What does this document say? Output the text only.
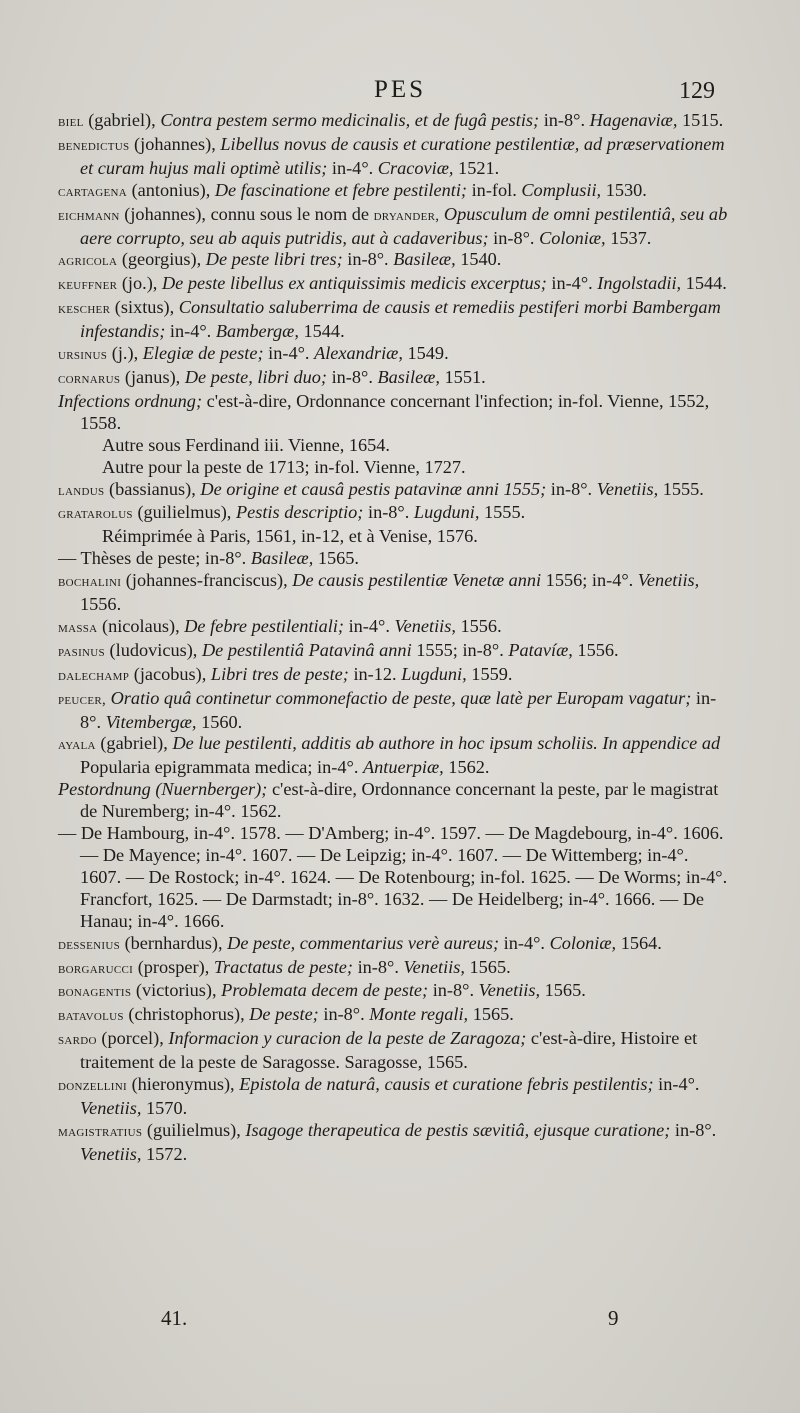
PES	129
biel (gabriel), Contra pestem sermo medicinalis, et de fugâ pestis; in-8°. Hagenaviæ, 1515.
benedictus (johannes), Libellus novus de causis et curatione pestilentiæ, ad præservationem et curam hujus mali optimè utilis; in-4°. Cracoviæ, 1521.
cartagena (antonius), De fascinatione et febre pestilenti; in-fol. Complusii, 1530.
eichmann (johannes), connu sous le nom de dryander, Opusculum de omni pestilentiâ, seu ab aere corrupto, seu ab aquis putridis, aut à cadaveribus; in-8°. Coloniæ, 1537.
agricola (georgius), De peste libri tres; in-8°. Basileæ, 1540.
keuffner (jo.), De peste libellus ex antiquissimis medicis excerptus; in-4°. Ingolstadii, 1544.
kescher (sixtus), Consultatio saluberrima de causis et remediis pestiferi morbi Bambergam infestandis; in-4°. Bambergæ, 1544.
ursinus (j.), Elegiæ de peste; in-4°. Alexandriæ, 1549.
cornarus (janus), De peste, libri duo; in-8°. Basileæ, 1551.
Infections ordnung; c'est-à-dire, Ordonnance concernant l'infection; in-fol. Vienne, 1552, 1558.
Autre sous Ferdinand iii. Vienne, 1654.
Autre pour la peste de 1713; in-fol. Vienne, 1727.
landus (bassianus), De origine et causâ pestis patavinæ anni 1555; in-8°. Venetiis, 1555.
gratarolus (guilielmus), Pestis descriptio; in-8°. Lugduni, 1555.
Réimprimée à Paris, 1561, in-12, et à Venise, 1576.
— Thèses de peste; in-8°. Basileæ, 1565.
bochalini (johannes-franciscus), De causis pestilentiæ Venetæ anni 1556; in-4°. Venetiis, 1556.
massa (nicolaus), De febre pestilentiali; in-4°. Venetiis, 1556.
pasinus (ludovicus), De pestilentiâ Patavinâ anni 1555; in-8°. Patavíæ, 1556.
dalechamp (jacobus), Libri tres de peste; in-12. Lugduni, 1559.
peucer, Oratio quâ continetur commonefactio de peste, quæ latè per Europam vagatur; in-8°. Vitembergæ, 1560.
ayala (gabriel), De lue pestilenti, additis ab authore in hoc ipsum scholiis. In appendice ad Popularia epigrammata medica; in-4°. Antuerpiæ, 1562.
Pestordnung (Nuernberger); c'est-à-dire, Ordonnance concernant la peste, par le magistrat de Nuremberg; in-4°. 1562.
— De Hambourg, in-4°. 1578. — D'Amberg; in-4°. 1597. — De Magdebourg, in-4°. 1606. — De Mayence; in-4°. 1607. — De Leipzig; in-4°. 1607. — De Wittemberg; in-4°. 1607. — De Rostock; in-4°. 1624. — De Rotenbourg; in-fol. 1625. — De Worms; in-4°. Francfort, 1625. — De Darmstadt; in-8°. 1632. — De Heidelberg; in-4°. 1666. — De Hanau; in-4°. 1666.
dessenius (bernhardus), De peste, commentarius verè aureus; in-4°. Coloniæ, 1564.
borgarucci (prosper), Tractatus de peste; in-8°. Venetiis, 1565.
bonagentis (victorius), Problemata decem de peste; in-8°. Venetiis, 1565.
batavolus (christophorus), De peste; in-8°. Monte regali, 1565.
sardo (porcel), Informacion y curacion de la peste de Zaragoza; c'est-à-dire, Histoire et traitement de la peste de Saragosse. Saragosse, 1565.
donzellini (hieronymus), Epistola de naturâ, causis et curatione febris pestilentis; in-4°. Venetiis, 1570.
magistratius (guilielmus), Isagoge therapeutica de pestis sævitiâ, ejusque curatione; in-8°. Venetiis, 1572.
41.	9
